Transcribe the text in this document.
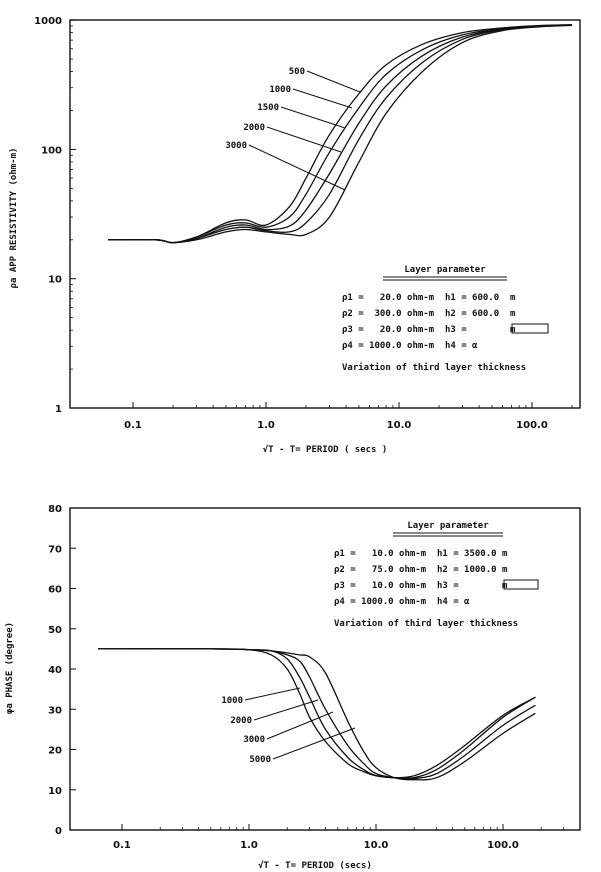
0.1	1.0	10.0	100.0
1
10
100
1000
500
1000
1500
2000
3000
ρa APP RESISTIVITY (ohm-m)
√T - T= PERIOD ( secs )
Layer parameter
ρ1 =   20.0 ohm-m  h1 = 600.0  m
ρ2 =  300.0 ohm-m  h2 = 600.0  m
ρ3 =   20.0 ohm-m  h3 =        m
ρ4 = 1000.0 ohm-m  h4 = α
Variation of third layer thickness
0.1	1.0	10.0	100.0
0
10
20
30
40
50
60
70
80
1000
2000
3000
5000
φa PHASE (degree)
√T - T= PERIOD (secs)
Layer parameter
ρ1 =   10.0 ohm-m  h1 = 3500.0 m
ρ2 =   75.0 ohm-m  h2 = 1000.0 m
ρ3 =   10.0 ohm-m  h3 =        m
ρ4 = 1000.0 ohm-m  h4 = α
Variation of third layer thickness
